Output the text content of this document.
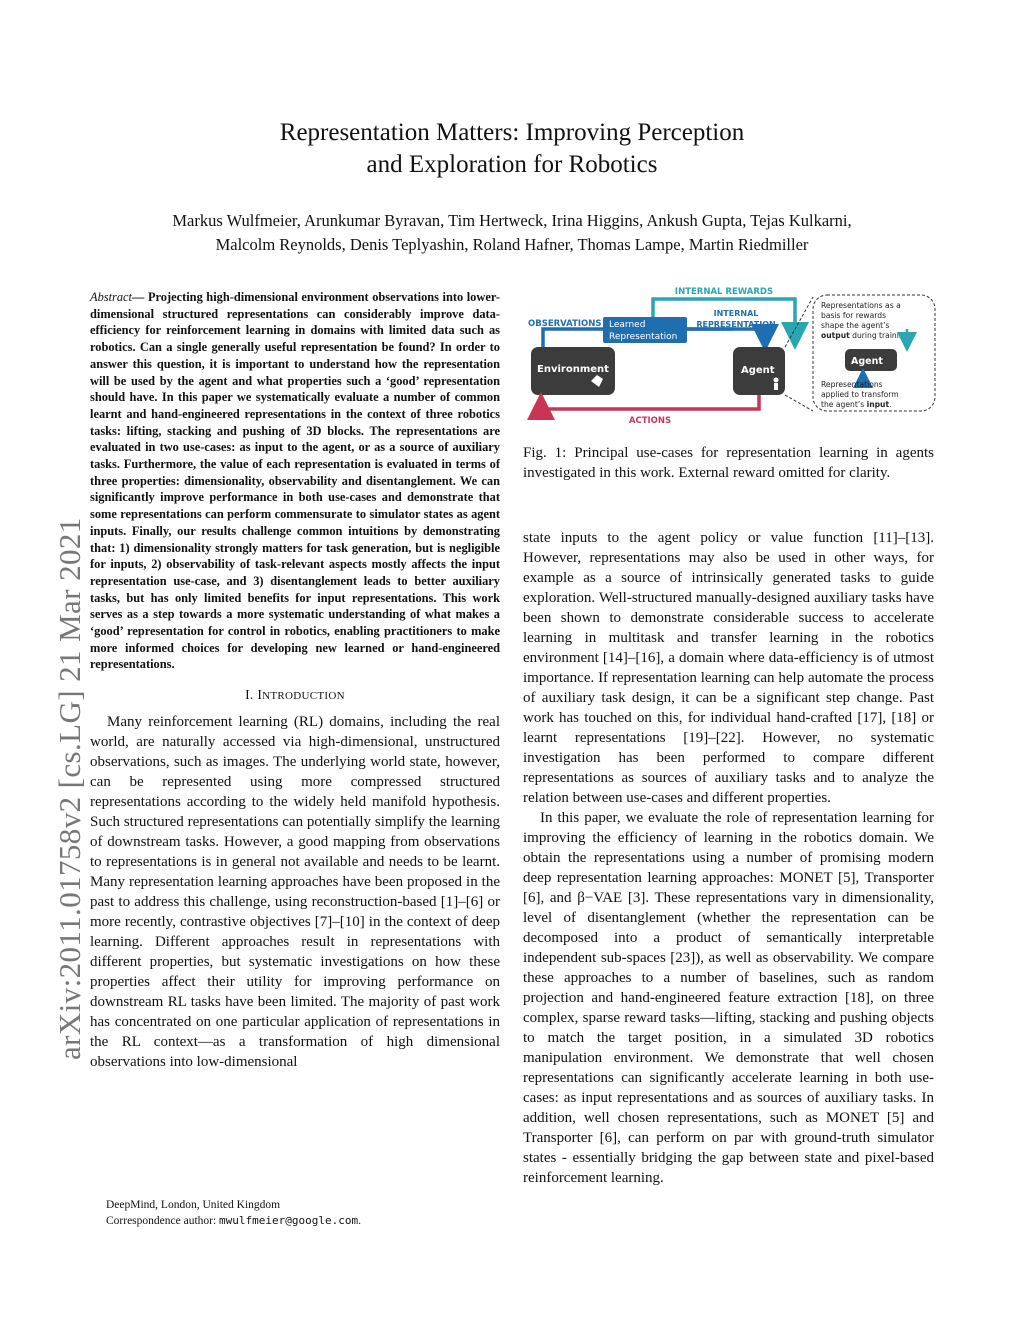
arXiv:2011.01758v2 [cs.LG] 21 Mar 2021
Representation Matters: Improving Perception
and Exploration for Robotics
Markus Wulfmeier, Arunkumar Byravan, Tim Hertweck, Irina Higgins, Ankush Gupta, Tejas Kulkarni,
Malcolm Reynolds, Denis Teplyashin, Roland Hafner, Thomas Lampe, Martin Riedmiller

Abstract— Projecting high-dimensional environment observations into lower-dimensional structured representations can considerably improve data-efficiency for reinforcement learning in domains with limited data such as robotics. Can a single generally useful representation be found? In order to answer this question, it is important to understand how the representation will be used by the agent and what properties such a ‘good’ representation should have. In this paper we systematically evaluate a number of common learnt and hand-engineered representations in the context of three robotics tasks: lifting, stacking and pushing of 3D blocks. The representations are evaluated in two use-cases: as input to the agent, or as a source of auxiliary tasks. Furthermore, the value of each representation is evaluated in terms of three properties: dimensionality, observability and disentanglement. We can significantly improve performance in both use-cases and demonstrate that some representations can perform commensurate to simulator states as agent inputs. Finally, our results challenge common intuitions by demonstrating that: 1) dimensionality strongly matters for task generation, but is negligible for inputs, 2) observability of task-relevant aspects mostly affects the input representation use-case, and 3) disentanglement leads to better auxiliary tasks, but has only limited benefits for input representations. This work serves as a step towards a more systematic understanding of what makes a ‘good’ representation for control in robotics, enabling practitioners to make more informed choices for developing new learned or hand-engineered representations.

I. INTRODUCTION

Many reinforcement learning (RL) domains, including the real world, are naturally accessed via high-dimensional, unstructured observations, such as images. The underlying world state, however, can be represented using more compressed structured representations according to the widely held manifold hypothesis. Such structured representations can potentially simplify the learning of downstream tasks. However, a good mapping from observations to representations is in general not available and needs to be learnt. Many representation learning approaches have been proposed in the past to address this challenge, using reconstruction-based [1]–[6] or more recently, contrastive objectives [7]–[10] in the context of deep learning. Different approaches result in representations with different properties, but systematic investigations on how these properties affect their utility for improving performance on downstream RL tasks have been limited. The majority of past work has concentrated on one particular application of representations in the RL context—as a transformation of high dimensional observations into low-dimensional

DeepMind, London, United Kingdom
Correspondence author: mwulfmeier@google.com.
INTERNAL REWARDS
OBSERVATIONS Learned
Representation
INTERNAL
REPRESENTATION
Environment	Agent
ACTIONS
Representations as a
basis for rewards
shape the agent’s
output during training.
Agent
Representations
applied to transform
the agent’s input.
Fig. 1: Principal use-cases for representation learning in agents investigated in this work. External reward omitted for clarity.

state inputs to the agent policy or value function [11]–[13]. However, representations may also be used in other ways, for example as a source of intrinsically generated tasks to guide exploration. Well-structured manually-designed auxiliary tasks have been shown to demonstrate considerable success to accelerate learning in multitask and transfer learning in the robotics environment [14]–[16], a domain where data-efficiency is of utmost importance. If representation learning can help automate the process of auxiliary task design, it can be a significant step change. Past work has touched on this, for individual hand-crafted [17], [18] or learnt representations [19]–[22]. However, no systematic investigation has been performed to compare different representations as sources of auxiliary tasks and to analyze the relation between use-cases and different properties.

In this paper, we evaluate the role of representation learning for improving the efficiency of learning in the robotics domain. We obtain the representations using a number of promising modern deep representation learning approaches: MONET [5], Transporter [6], and β−VAE [3]. These representations vary in dimensionality, level of disentanglement (whether the representation can be decomposed into a product of semantically interpretable independent sub-spaces [23]), as well as observability. We compare these approaches to a number of baselines, such as random projection and hand-engineered feature extraction [18], on three complex, sparse reward tasks—lifting, stacking and pushing objects to match the target position, in a simulated 3D robotics manipulation environment. We demonstrate that well chosen representations can significantly accelerate learning in both use-cases: as input representations and as sources of auxiliary tasks. In addition, well chosen representations, such as MONET [5] and Transporter [6], can perform on par with ground-truth simulator states - essentially bridging the gap between state and pixel-based reinforcement learning.
